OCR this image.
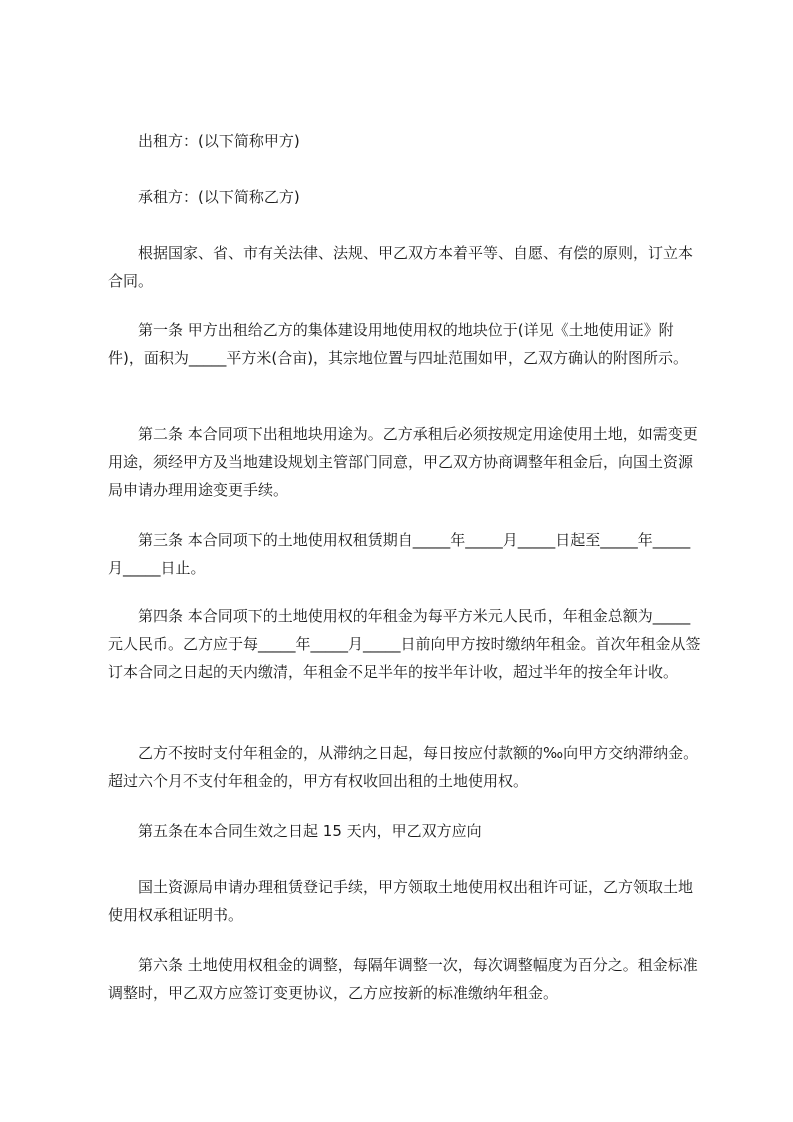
出租方：(以下简称甲方)

承租方：(以下简称乙方)

根据国家、省、市有关法律、法规、甲乙双方本着平等、自愿、有偿的原则，订立本合同。

第一条 甲方出租给乙方的集体建设用地使用权的地块位于(详见《土地使用证》附件)，面积为_____平方米(合亩)，其宗地位置与四址范围如甲，乙双方确认的附图所示。

第二条 本合同项下出租地块用途为。乙方承租后必须按规定用途使用土地，如需变更用途，须经甲方及当地建设规划主管部门同意，甲乙双方协商调整年租金后，向国土资源局申请办理用途变更手续。

第三条 本合同项下的土地使用权租赁期自_____年_____月_____日起至_____年_____月_____日止。

第四条 本合同项下的土地使用权的年租金为每平方米元人民币，年租金总额为_____元人民币。乙方应于每_____年_____月_____日前向甲方按时缴纳年租金。首次年租金从签订本合同之日起的天内缴清，年租金不足半年的按半年计收，超过半年的按全年计收。

乙方不按时支付年租金的，从滞纳之日起，每日按应付款额的‰向甲方交纳滞纳金。超过六个月不支付年租金的，甲方有权收回出租的土地使用权。

第五条在本合同生效之日起 15 天内，甲乙双方应向

国土资源局申请办理租赁登记手续，甲方领取土地使用权出租许可证，乙方领取土地使用权承租证明书。

第六条 土地使用权租金的调整，每隔年调整一次，每次调整幅度为百分之。租金标准调整时，甲乙双方应签订变更协议，乙方应按新的标准缴纳年租金。
